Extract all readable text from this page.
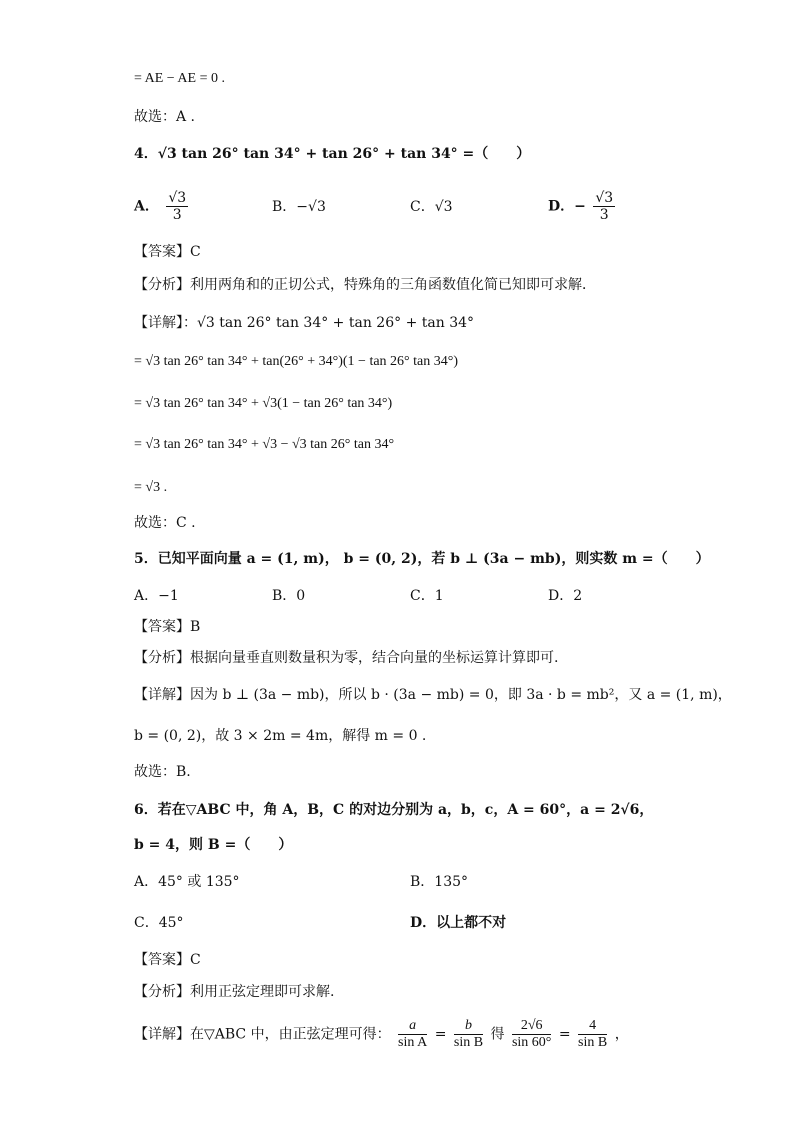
= AE − AE = 0 .
故选：A .
4．√3 tan 26° tan 34° + tan 26° + tan 34° =（　　）
A． $\frac{√3}{3}$	B．−√3	C．√3	D．− $\frac{√3}{3}$
【答案】C
【分析】利用两角和的正切公式，特殊角的三角函数值化简已知即可求解．
【详解】：√3 tan 26° tan 34° + tan 26° + tan 34°
= √3 tan 26° tan 34° + tan(26° + 34°)(1 − tan 26° tan 34°)
= √3 tan 26° tan 34° + √3(1 − tan 26° tan 34°)
= √3 tan 26° tan 34° + √3 − √3 tan 26° tan 34°
= √3 .
故选：C .
5．已知平面向量 a = (1, m)， b = (0, 2)，若 b ⊥ (3a − mb)，则实数 m =（　　）
A．−1	B．0	C．1	D．2
【答案】B
【分析】根据向量垂直则数量积为零，结合向量的坐标运算计算即可.
【详解】因为 b ⊥ (3a − mb)，所以 b · (3a − mb) = 0，即 3a · b = mb²，又 a = (1, m)，
b = (0, 2)，故 3 × 2m = 4m，解得 m = 0 .
故选：B.
6．若在▽ABC 中，角 A，B，C 的对边分别为 a，b，c，A = 60°，a = 2√6，
b = 4，则 B =（　　）
A．45° 或 135°	B．135°
C．45°	D．以上都不对
【答案】C
【分析】利用正弦定理即可求解.
【详解】在▽ABC 中，由正弦定理可得： $\frac{a}{\text{sin A}} = \frac{b}{\text{sin B}}$ 得 $\frac{2√6}{\sin 60^\circ} = \frac{4}{\text{sin B}}$ ，
